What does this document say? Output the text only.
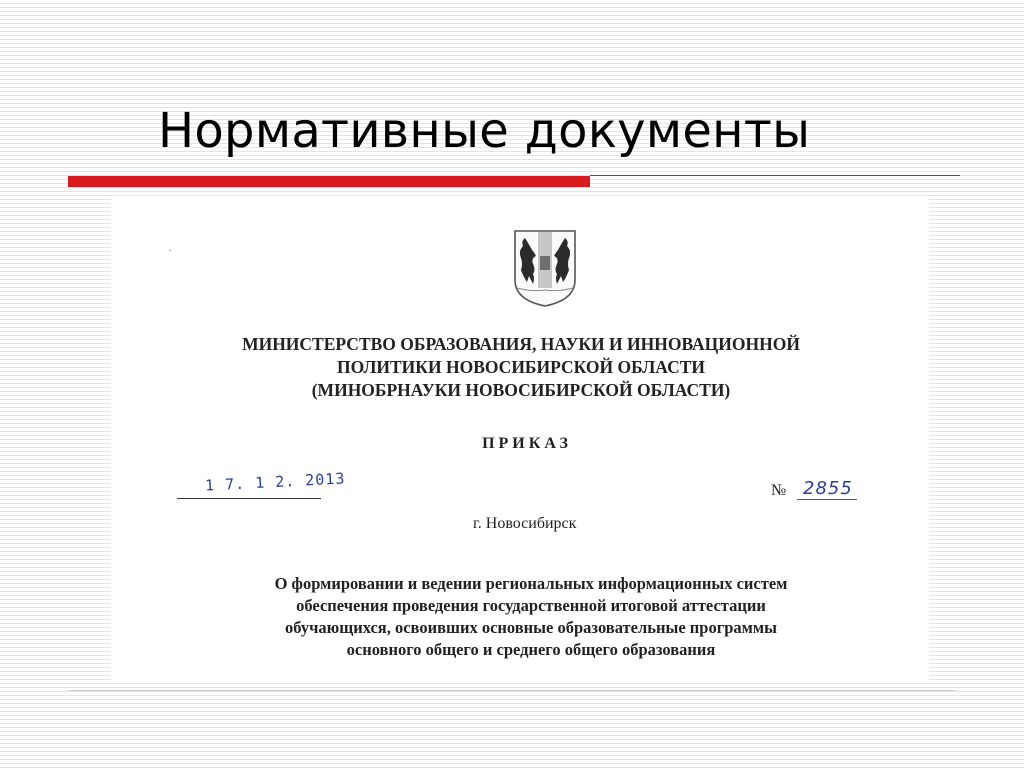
Нормативные документы
МИНИСТЕРСТВО ОБРАЗОВАНИЯ, НАУКИ И ИННОВАЦИОННОЙ
ПОЛИТИКИ НОВОСИБИРСКОЙ ОБЛАСТИ
(МИНОБРНАУКИ НОВОСИБИРСКОЙ ОБЛАСТИ)
ПРИКАЗ
1 7. 1 2. 2013	№ 2855
г. Новосибирск
О формировании и ведении региональных информационных систем
обеспечения проведения государственной итоговой аттестации
обучающихся, освоивших основные образовательные программы
основного общего и среднего общего образования
